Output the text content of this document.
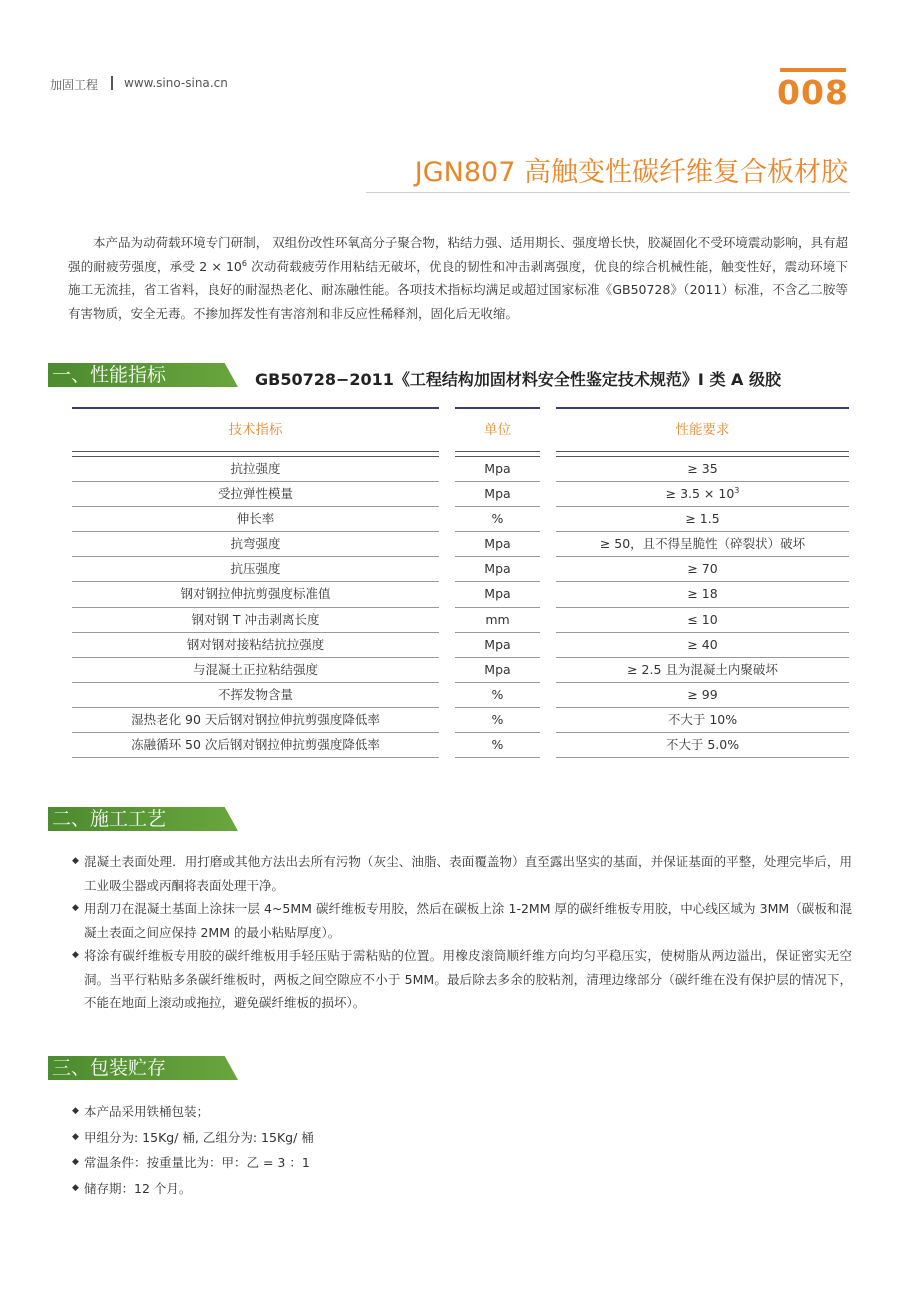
加固工程 www.sino-sina.cn	008
JGN807 高触变性碳纤维复合板材胶
本产品为动荷载环境专门研制， 双组份改性环氧高分子聚合物，粘结力强、适用期长、强度增长快，胶凝固化不受环境震动影响，具有超强的耐疲劳强度，承受 $2 \times 10^6$ 次动荷载疲劳作用粘结无破坏，优良的韧性和冲击剥离强度，优良的综合机械性能，触变性好，震动环境下施工无流挂，省工省料，良好的耐湿热老化、耐冻融性能。各项技术指标均满足或超过国家标准《GB50728》（2011）标准，不含乙二胺等有害物质，安全无毒。不掺加挥发性有害溶剂和非反应性稀释剂，固化后无收缩。
一、性能指标	GB50728−2011《工程结构加固材料安全性鉴定技术规范》I 类 A 级胶
技术指标
抗拉强度
受拉弹性模量
伸长率
抗弯强度
抗压强度
钢对钢拉伸抗剪强度标准值
钢对钢 T 冲击剥离长度
钢对钢对接粘结抗拉强度
与混凝土正拉粘结强度
不挥发物含量
湿热老化 90 天后钢对钢拉伸抗剪强度降低率
冻融循环 50 次后钢对钢拉伸抗剪强度降低率
单位
Mpa
Mpa
%
Mpa
Mpa
Mpa
mm
Mpa
Mpa
%
%
%
性能要求
≥ 35
≥ $3.5 \times 10^3$
≥ 1.5
≥ 50，且不得呈脆性（碎裂状）破坏
≥ 70
≥ 18
≤ 10
≥ 40
≥ 2.5 且为混凝土内聚破坏
≥ 99
不大于 10%
不大于 5.0%
二、施工工艺
◆ 混凝土表面处理．用打磨或其他方法出去所有污物（灰尘、油脂、表面覆盖物）直至露出坚实的基面，并保证基面的平整，处理完毕后，用工业吸尘器或丙酮将表面处理干净。
◆ 用刮刀在混凝土基面上涂抹一层 4~5MM 碳纤维板专用胶，然后在碳板上涂 1-2MM 厚的碳纤维板专用胶，中心线区域为 3MM（碳板和混凝土表面之间应保持 2MM 的最小粘贴厚度）。
◆ 将涂有碳纤维板专用胶的碳纤维板用手轻压贴于需粘贴的位置。用橡皮滚筒顺纤维方向均匀平稳压实，使树脂从两边溢出，保证密实无空洞。当平行粘贴多条碳纤维板时，两板之间空隙应不小于 5MM。最后除去多余的胶粘剂，清理边缘部分（碳纤维在没有保护层的情况下，不能在地面上滚动或拖拉，避免碳纤维板的损坏）。
三、包装贮存
◆ 本产品采用铁桶包装；
◆ 甲组分为: 15Kg/ 桶, 乙组分为: 15Kg/ 桶
◆ 常温条件：按重量比为：甲：乙 = 3 ：1
◆ 储存期：12 个月。
